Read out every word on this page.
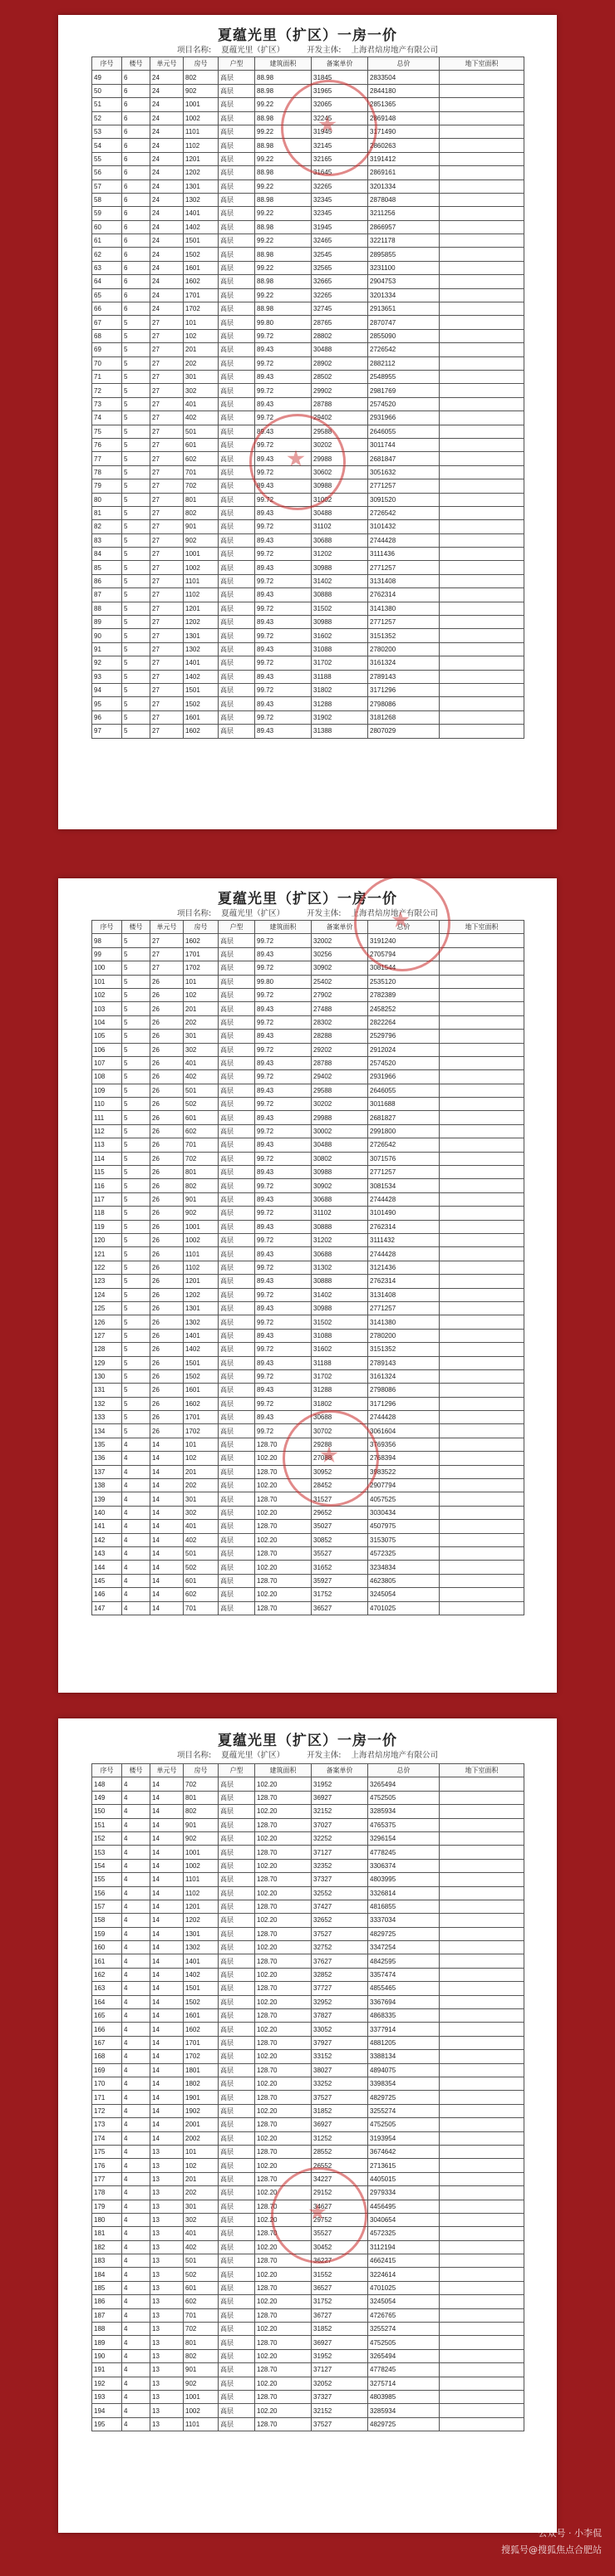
夏蕴光里（扩区）一房一价
项目名称: 夏蕴光里（扩区）	开发主体: 上海君焙房地产有限公司
序号	楼号	单元号	房号	户型	建筑面积	备案单价	总价	地下室面积
49	6	24	802	高层	88.98	31845	2833504	
50	6	24	902	高层	88.98	31965	2844180	
51	6	24	1001	高层	99.22	32065	2851365	
52	6	24	1002	高层	88.98	32245	2869148	
53	6	24	1101	高层	99.22	31945	3171490	
54	6	24	1102	高层	88.98	32145	2860263	
55	6	24	1201	高层	99.22	32165	3191412	
56	6	24	1202	高层	88.98	31645	2869161	
57	6	24	1301	高层	99.22	32265	3201334	
58	6	24	1302	高层	88.98	32345	2878048	
59	6	24	1401	高层	99.22	32345	3211256	
60	6	24	1402	高层	88.98	31945	2866957	
61	6	24	1501	高层	99.22	32465	3221178	
62	6	24	1502	高层	88.98	32545	2895855	
63	6	24	1601	高层	99.22	32565	3231100	
64	6	24	1602	高层	88.98	32665	2904753	
65	6	24	1701	高层	99.22	32265	3201334	
66	6	24	1702	高层	88.98	32745	2913651	
67	5	27	101	高层	99.80	28765	2870747	
68	5	27	102	高层	99.72	28802	2855090	
69	5	27	201	高层	89.43	30488	2726542	
70	5	27	202	高层	99.72	28902	2882112	
71	5	27	301	高层	89.43	28502	2548955	
72	5	27	302	高层	99.72	29902	2981769	
73	5	27	401	高层	89.43	28788	2574520	
74	5	27	402	高层	99.72	29402	2931966	
75	5	27	501	高层	89.43	29588	2646055	
76	5	27	601	高层	99.72	30202	3011744	
77	5	27	602	高层	89.43	29988	2681847	
78	5	27	701	高层	99.72	30602	3051632	
79	5	27	702	高层	89.43	30988	2771257	
80	5	27	801	高层	99.72	31002	3091520	
81	5	27	802	高层	89.43	30488	2726542	
82	5	27	901	高层	99.72	31102	3101432	
83	5	27	902	高层	89.43	30688	2744428	
84	5	27	1001	高层	99.72	31202	3111436	
85	5	27	1002	高层	89.43	30988	2771257	
86	5	27	1101	高层	99.72	31402	3131408	
87	5	27	1102	高层	89.43	30888	2762314	
88	5	27	1201	高层	99.72	31502	3141380	
89	5	27	1202	高层	89.43	30988	2771257	
90	5	27	1301	高层	99.72	31602	3151352	
91	5	27	1302	高层	89.43	31088	2780200	
92	5	27	1401	高层	99.72	31702	3161324	
93	5	27	1402	高层	89.43	31188	2789143	
94	5	27	1501	高层	99.72	31802	3171296	
95	5	27	1502	高层	89.43	31288	2798086	
96	5	27	1601	高层	99.72	31902	3181268	
97	5	27	1602	高层	89.43	31388	2807029	
夏蕴光里（扩区）一房一价
项目名称: 夏蕴光里（扩区）	开发主体: 上海君焙房地产有限公司
序号	楼号	单元号	房号	户型	建筑面积	备案单价	总价	地下室面积
98	5	27	1602	高层	99.72	32002	3191240	
99	5	27	1701	高层	89.43	30256	2705794	
100	5	27	1702	高层	99.72	30902	3081544	
101	5	26	101	高层	99.80	25402	2535120	
102	5	26	102	高层	99.72	27902	2782389	
103	5	26	201	高层	89.43	27488	2458252	
104	5	26	202	高层	99.72	28302	2822264	
105	5	26	301	高层	89.43	28288	2529796	
106	5	26	302	高层	99.72	29202	2912024	
107	5	26	401	高层	89.43	28788	2574520	
108	5	26	402	高层	99.72	29402	2931966	
109	5	26	501	高层	89.43	29588	2646055	
110	5	26	502	高层	99.72	30202	3011688	
111	5	26	601	高层	89.43	29988	2681827	
112	5	26	602	高层	99.72	30002	2991800	
113	5	26	701	高层	89.43	30488	2726542	
114	5	26	702	高层	99.72	30802	3071576	
115	5	26	801	高层	89.43	30988	2771257	
116	5	26	802	高层	99.72	30902	3081534	
117	5	26	901	高层	89.43	30688	2744428	
118	5	26	902	高层	99.72	31102	3101490	
119	5	26	1001	高层	89.43	30888	2762314	
120	5	26	1002	高层	99.72	31202	3111432	
121	5	26	1101	高层	89.43	30688	2744428	
122	5	26	1102	高层	99.72	31302	3121436	
123	5	26	1201	高层	89.43	30888	2762314	
124	5	26	1202	高层	99.72	31402	3131408	
125	5	26	1301	高层	89.43	30988	2771257	
126	5	26	1302	高层	99.72	31502	3141380	
127	5	26	1401	高层	89.43	31088	2780200	
128	5	26	1402	高层	99.72	31602	3151352	
129	5	26	1501	高层	89.43	31188	2789143	
130	5	26	1502	高层	99.72	31702	3161324	
131	5	26	1601	高层	89.43	31288	2798086	
132	5	26	1602	高层	99.72	31802	3171296	
133	5	26	1701	高层	89.43	30688	2744428	
134	5	26	1702	高层	99.72	30702	3061604	
135	4	14	101	高层	128.70	29288	3769356	
136	4	14	102	高层	102.20	27088	2768394	
137	4	14	201	高层	128.70	30952	3983522	
138	4	14	202	高层	102.20	28452	2907794	
139	4	14	301	高层	128.70	31527	4057525	
140	4	14	302	高层	102.20	29652	3030434	
141	4	14	401	高层	128.70	35027	4507975	
142	4	14	402	高层	102.20	30852	3153075	
143	4	14	501	高层	128.70	35527	4572325	
144	4	14	502	高层	102.20	31652	3234834	
145	4	14	601	高层	128.70	35927	4623805	
146	4	14	602	高层	102.20	31752	3245054	
147	4	14	701	高层	128.70	36527	4701025	
夏蕴光里（扩区）一房一价
项目名称: 夏蕴光里（扩区）	开发主体: 上海君焙房地产有限公司
序号	楼号	单元号	房号	户型	建筑面积	备案单价	总价	地下室面积
148	4	14	702	高层	102.20	31952	3265494	
149	4	14	801	高层	128.70	36927	4752505	
150	4	14	802	高层	102.20	32152	3285934	
151	4	14	901	高层	128.70	37027	4765375	
152	4	14	902	高层	102.20	32252	3296154	
153	4	14	1001	高层	128.70	37127	4778245	
154	4	14	1002	高层	102.20	32352	3306374	
155	4	14	1101	高层	128.70	37327	4803995	
156	4	14	1102	高层	102.20	32552	3326814	
157	4	14	1201	高层	128.70	37427	4816855	
158	4	14	1202	高层	102.20	32652	3337034	
159	4	14	1301	高层	128.70	37527	4829725	
160	4	14	1302	高层	102.20	32752	3347254	
161	4	14	1401	高层	128.70	37627	4842595	
162	4	14	1402	高层	102.20	32852	3357474	
163	4	14	1501	高层	128.70	37727	4855465	
164	4	14	1502	高层	102.20	32952	3367694	
165	4	14	1601	高层	128.70	37827	4868335	
166	4	14	1602	高层	102.20	33052	3377914	
167	4	14	1701	高层	128.70	37927	4881205	
168	4	14	1702	高层	102.20	33152	3388134	
169	4	14	1801	高层	128.70	38027	4894075	
170	4	14	1802	高层	102.20	33252	3398354	
171	4	14	1901	高层	128.70	37527	4829725	
172	4	14	1902	高层	102.20	31852	3255274	
173	4	14	2001	高层	128.70	36927	4752505	
174	4	14	2002	高层	102.20	31252	3193954	
175	4	13	101	高层	128.70	28552	3674642	
176	4	13	102	高层	102.20	26552	2713615	
177	4	13	201	高层	128.70	34227	4405015	
178	4	13	202	高层	102.20	29152	2979334	
179	4	13	301	高层	128.70	34627	4456495	
180	4	13	302	高层	102.20	29752	3040654	
181	4	13	401	高层	128.70	35527	4572325	
182	4	13	402	高层	102.20	30452	3112194	
183	4	13	501	高层	128.70	36227	4662415	
184	4	13	502	高层	102.20	31552	3224614	
185	4	13	601	高层	128.70	36527	4701025	
186	4	13	602	高层	102.20	31752	3245054	
187	4	13	701	高层	128.70	36727	4726765	
188	4	13	702	高层	102.20	31852	3255274	
189	4	13	801	高层	128.70	36927	4752505	
190	4	13	802	高层	102.20	31952	3265494	
191	4	13	901	高层	128.70	37127	4778245	
192	4	13	902	高层	102.20	32052	3275714	
193	4	13	1001	高层	128.70	37327	4803985	
194	4	13	1002	高层	102.20	32152	3285934	
195	4	13	1101	高层	128.70	37527	4829725	
公众号 · 小李侃
搜狐号@搜狐焦点合肥站
